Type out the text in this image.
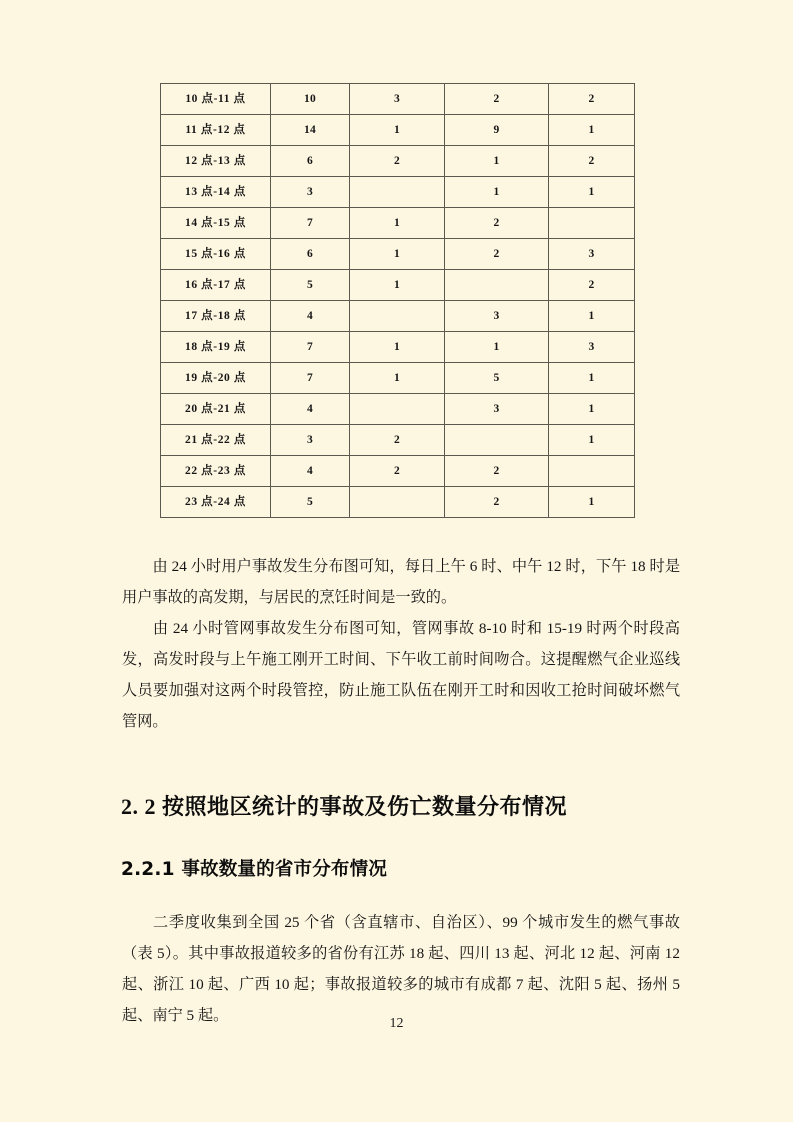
10 点-11 点	10	3	2	2
11 点-12 点	14	1	9	1
12 点-13 点	6	2	1	2
13 点-14 点	3		1	1
14 点-15 点	7	1	2	
15 点-16 点	6	1	2	3
16 点-17 点	5	1		2
17 点-18 点	4		3	1
18 点-19 点	7	1	1	3
19 点-20 点	7	1	5	1
20 点-21 点	4		3	1
21 点-22 点	3	2		1
22 点-23 点	4	2	2	
23 点-24 点	5		2	1

由 24 小时用户事故发生分布图可知，每日上午 6 时、中午 12 时，下午 18 时是用户事故的高发期，与居民的烹饪时间是一致的。

由 24 小时管网事故发生分布图可知，管网事故 8-10 时和 15-19 时两个时段高发，高发时段与上午施工刚开工时间、下午收工前时间吻合。这提醒燃气企业巡线人员要加强对这两个时段管控，防止施工队伍在刚开工时和因收工抢时间破坏燃气管网。

2. 2 按照地区统计的事故及伤亡数量分布情况
2.2.1 事故数量的省市分布情况

二季度收集到全国 25 个省（含直辖市、自治区）、99 个城市发生的燃气事故（表 5）。其中事故报道较多的省份有江苏 18 起、四川 13 起、河北 12 起、河南 12 起、浙江 10 起、广西 10 起；事故报道较多的城市有成都 7 起、沈阳 5 起、扬州 5 起、南宁 5 起。	12
